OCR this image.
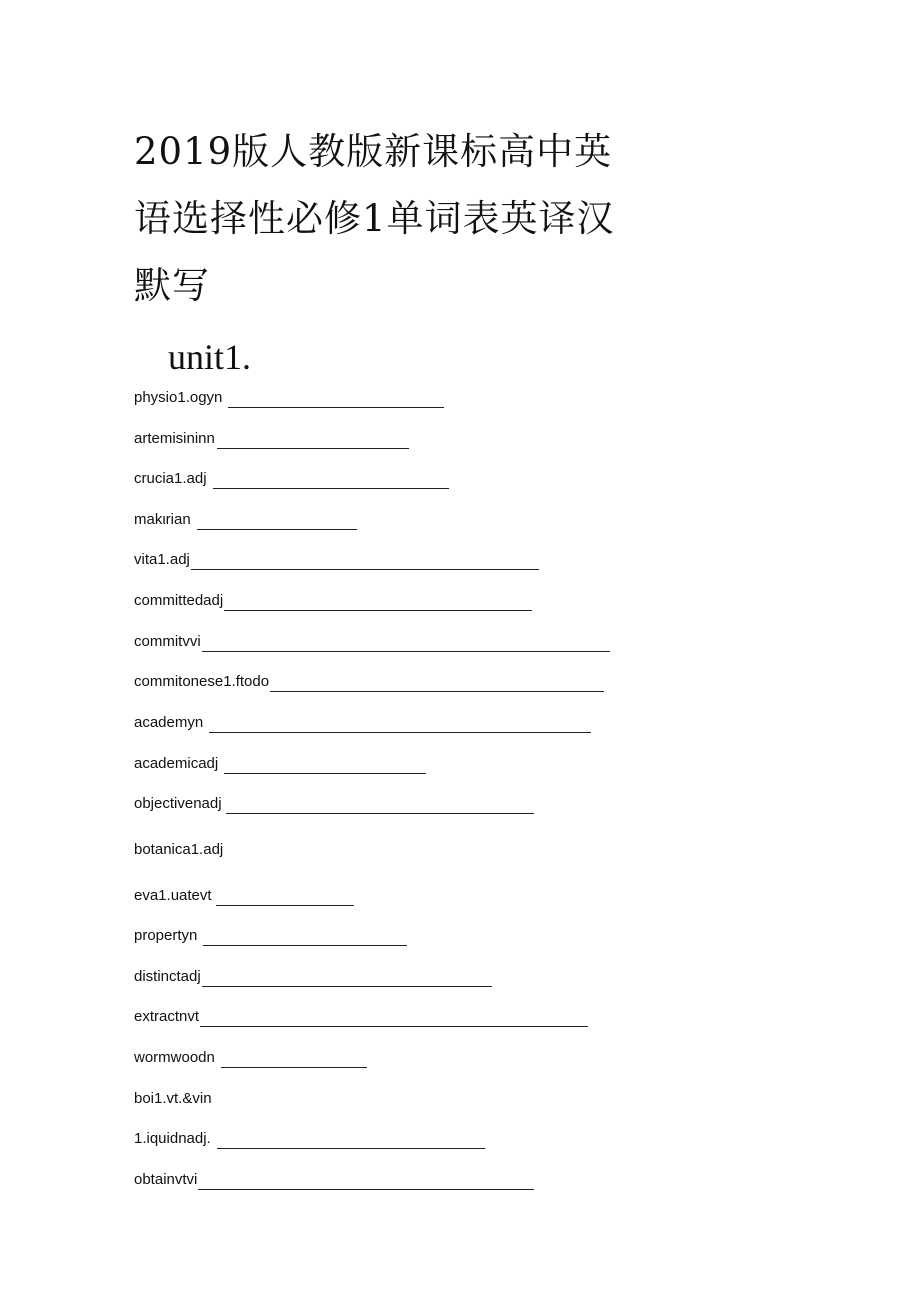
2019版人教版新课标高中英
语选择性必修1单词表英译汉
默写
unit1.
physio1.ogyn
artemisininn
crucia1.adj
makιrian
vita1.adj
committedadj
commitvvi
commitonese1.ftodo
academyn
academicadj
objectivenadj
botanica1.adj
eva1.uatevt
propertyn
distinctadj
extractnvt
wormwoodn
boi1.vt.&vin
1.iquidnadj.
obtainvtvi
